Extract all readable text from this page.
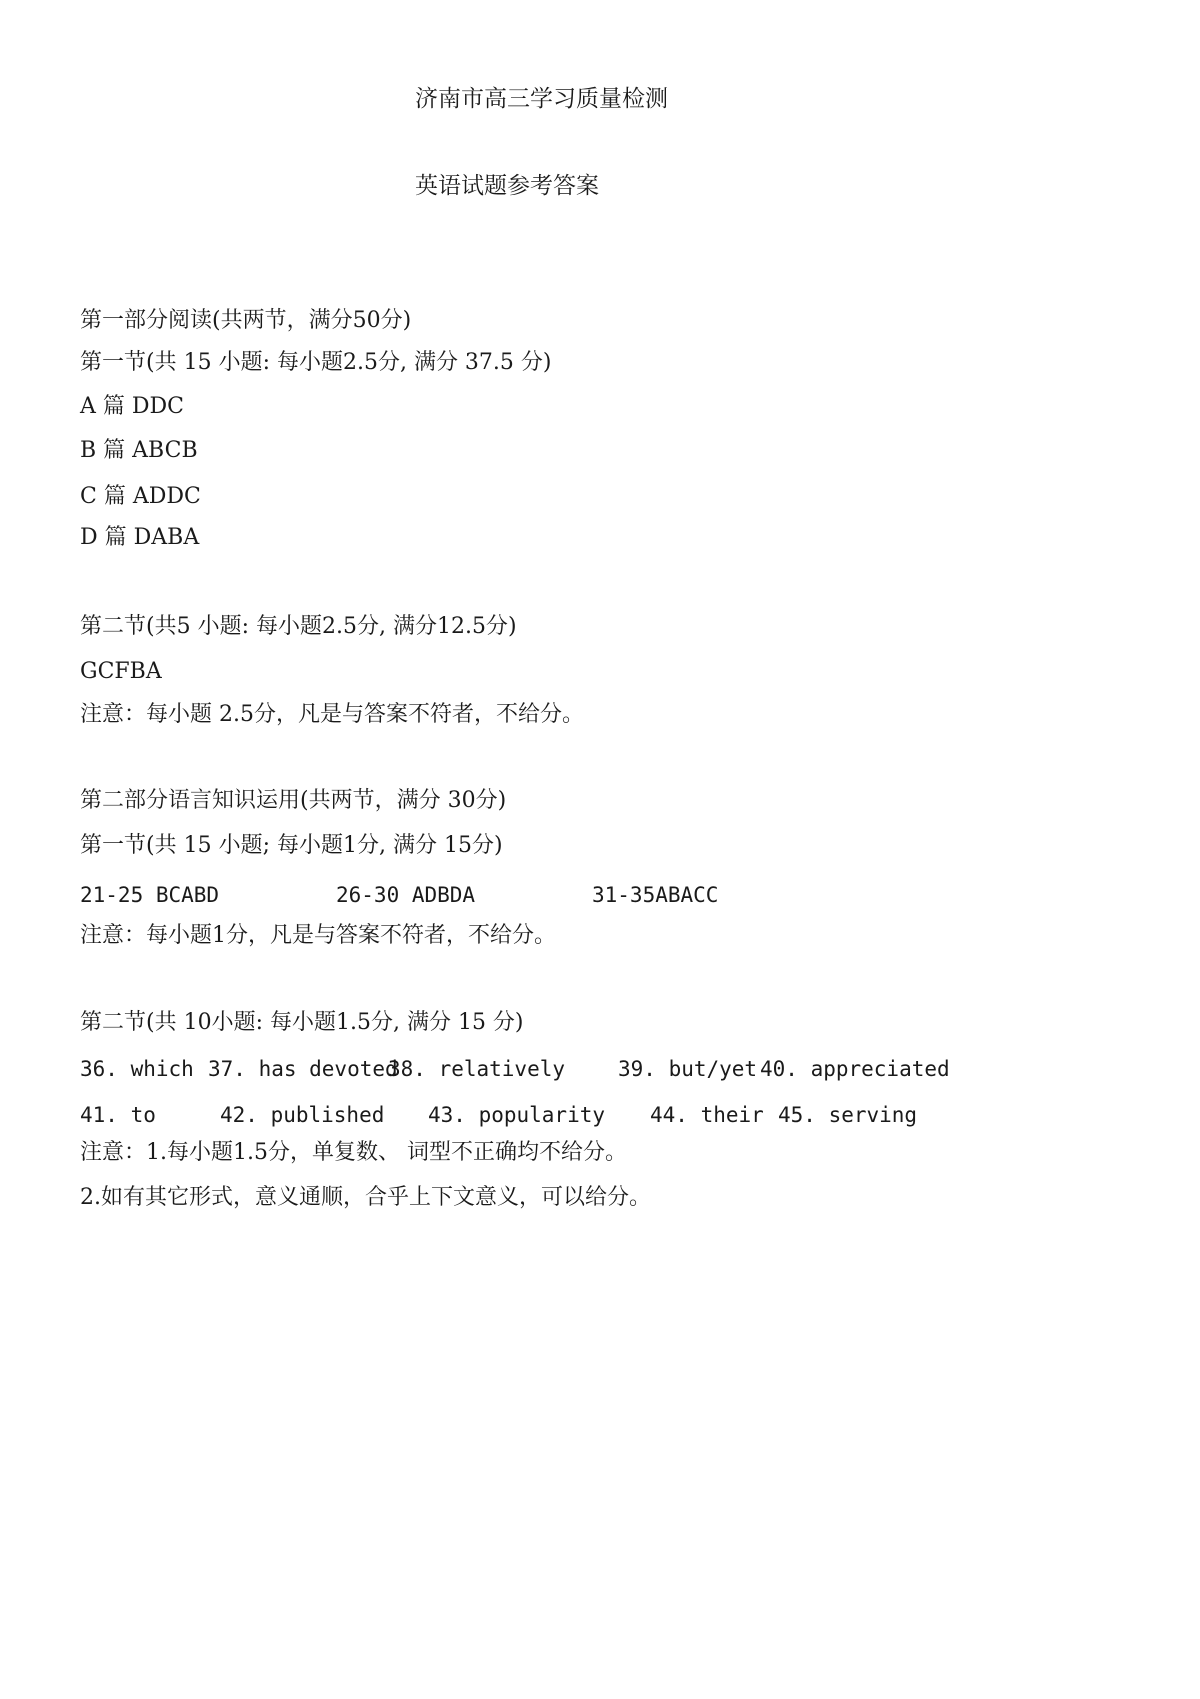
济南市高三学习质量检测
英语试题参考答案
第一部分阅读(共两节，满分50分)
第一节(共 15 小题: 每小题2.5分, 满分 37.5 分)
A 篇 DDC
B 篇 ABCB
C 篇 ADDC
D 篇 DABA
第二节(共5 小题: 每小题2.5分, 满分12.5分)
GCFBA
注意：每小题 2.5分，凡是与答案不符者，不给分。
第二部分语言知识运用(共两节，满分 30分)
第一节(共 15 小题; 每小题1分, 满分 15分)
21-25 BCABD	26-30 ADBDA	31-35ABACC
注意：每小题1分，凡是与答案不符者，不给分。
第二节(共 10小题: 每小题1.5分, 满分 15 分)
36. which 37. has devoted
38. relatively	39. but/yet 40. appreciated
41. to	42. published 43. popularity 44. their 45. serving
注意：1.每小题1.5分，单复数、 词型不正确均不给分。
2.如有其它形式，意义通顺，合乎上下文意义，可以给分。
